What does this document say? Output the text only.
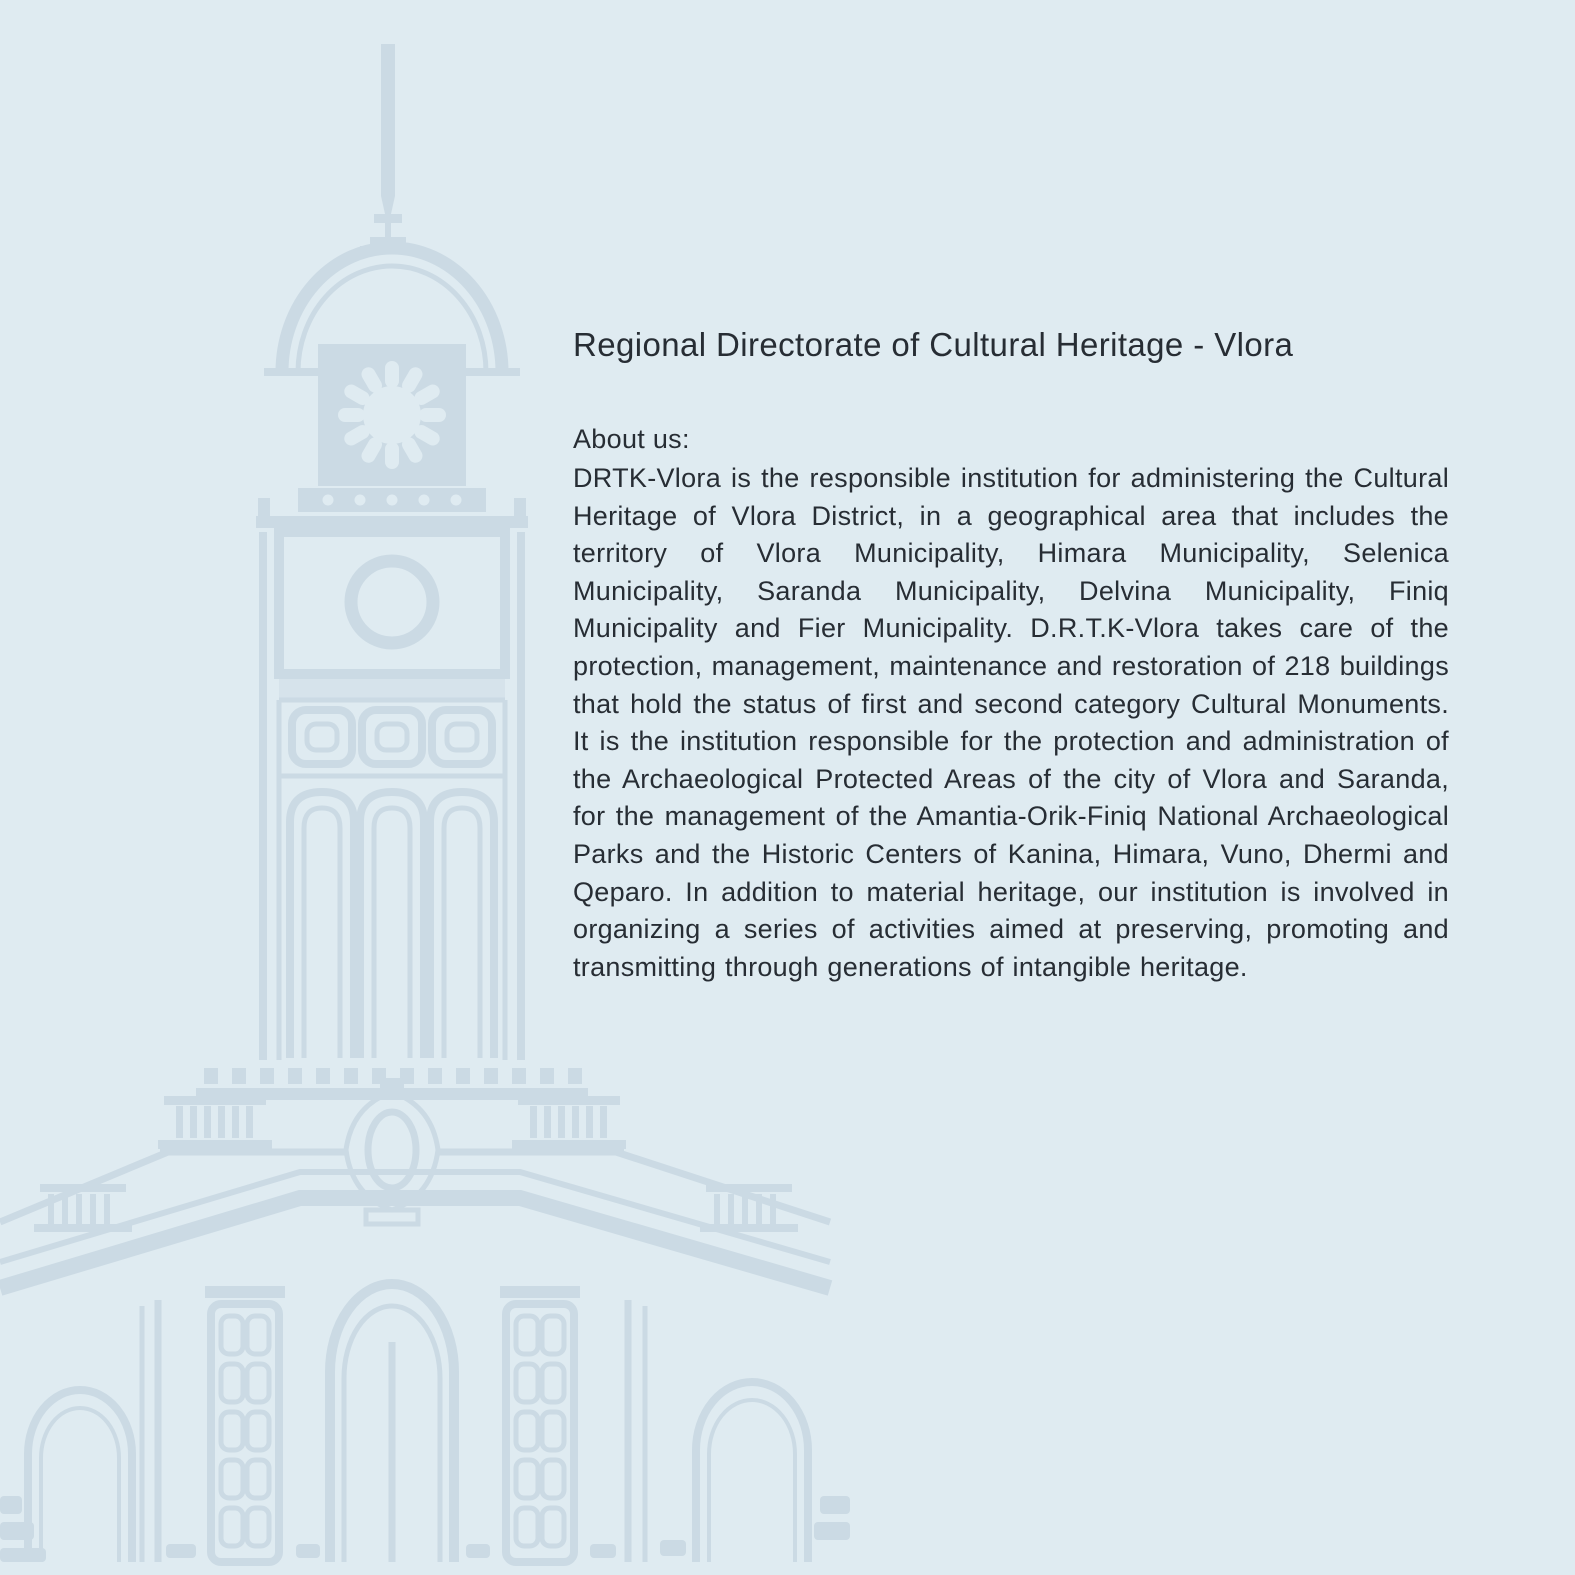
Regional Directorate of Cultural Heritage - Vlora

About us:

DRTK-Vlora is the responsible institution for administering the Cultural Heritage of Vlora District, in a geographical area that includes the territory of Vlora Municipality, Himara Municipality, Selenica Municipality, Saranda Municipality, Delvina Municipality, Finiq Municipality and Fier Municipality. D.R.T.K-Vlora takes care of the protection, management, maintenance and restoration of 218 buildings that hold the status of first and second category Cultural Monuments. It is the institution responsible for the protection and administration of the Archaeological Protected Areas of the city of Vlora and Saranda, for the management of the Amantia-Orik-Finiq National Archaeological Parks and the Historic Centers of Kanina, Himara, Vuno, Dhermi and Qeparo. In addition to material heritage, our institution is involved in organizing a series of activities aimed at preserving, promoting and transmitting through generations of intangible heritage.
